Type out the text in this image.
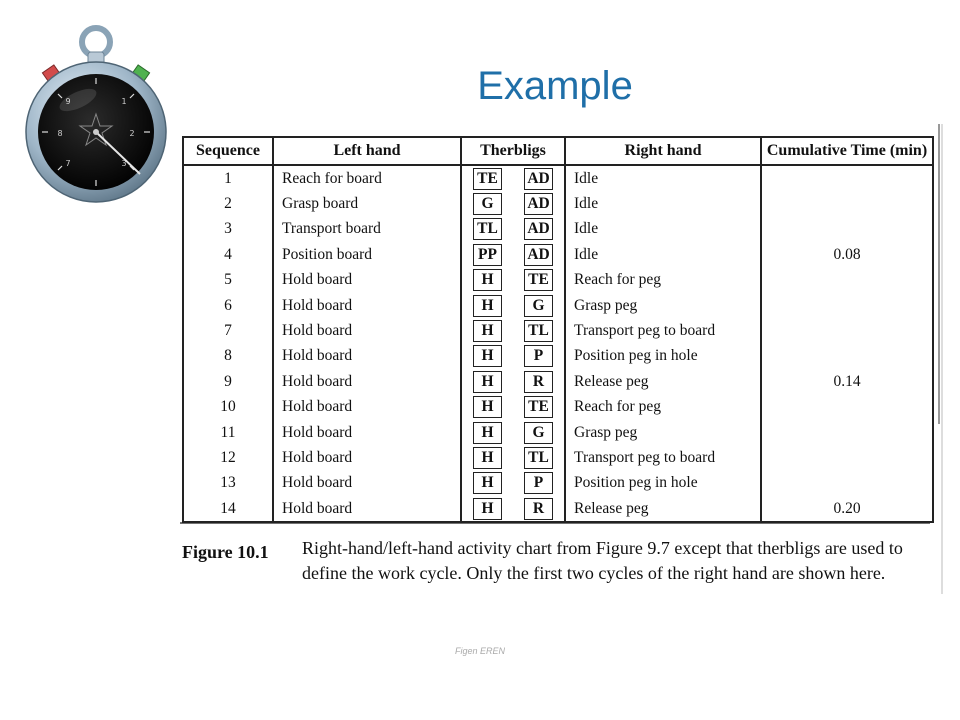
9	1
8	2
7	3
Example
Sequence	Left hand	Therbligs		Right hand	Cumulative Time (min)
1	Reach for board	TE	AD	Idle	
2	Grasp board	G	AD	Idle	
3	Transport board	TL	AD	Idle	
4	Position board	PP	AD	Idle	0.08
5	Hold board	H	TE	Reach for peg	
6	Hold board	H	G	Grasp peg	
7	Hold board	H	TL	Transport peg to board	
8	Hold board	H	P	Position peg in hole	
9	Hold board	H	R	Release peg	0.14
10	Hold board	H	TE	Reach for peg	
11	Hold board	H	G	Grasp peg	
12	Hold board	H	TL	Transport peg to board	
13	Hold board	H	P	Position peg in hole	
14	Hold board	H	R	Release peg	0.20
Figure 10.1 Right-hand/left-hand activity chart from Figure 9.7 except that therbligs are used to define the work cycle. Only the first two cycles of the right hand are shown here.
Figen EREN
